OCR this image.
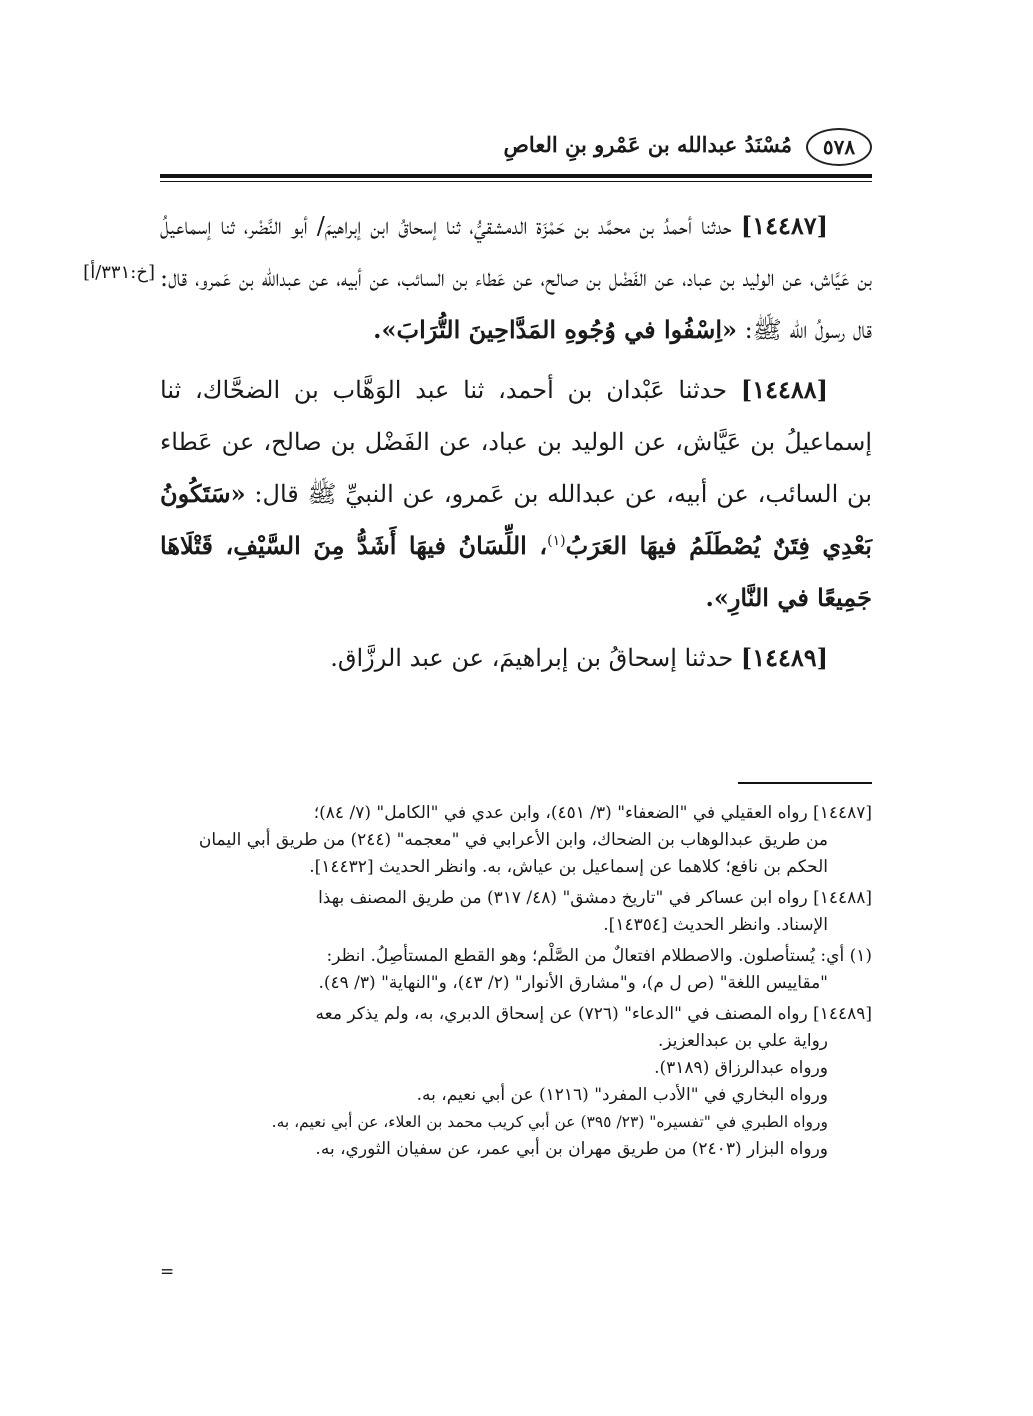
٥٧٨
مُسْنَدُ عبدالله بن عَمْرو بنِ العاصِ
[خ:٣٣١/أ]

[١٤٤٨٧] حدثنا أحمدُ بن محمَّد بن حَمْزَة الدمشقيُّ، ثنا إسحاقُ ابن إبراهيمَ/ أبو النَّضْر، ثنا إسماعيلُ بن عَيَّاش، عن الوليد بن عباد، عن الفَضْل بن صالح، عن عَطاء بن السائب، عن أبيه، عن عبدالله بن عَمرو، قال: قال رسولُ الله ﷺ: «اِسْفُوا في وُجُوهِ المَدَّاحِينَ التُّرَابَ».

[١٤٤٨٨] حدثنا عَبْدان بن أحمد، ثنا عبد الوَهَّاب بن الضحَّاك، ثنا إسماعيلُ بن عَيَّاش، عن الوليد بن عباد، عن الفَضْل بن صالح، عن عَطاء بن السائب، عن أبيه، عن عبدالله بن عَمرو، عن النبيِّ ﷺ قال: «سَتَكُونُ بَعْدِي فِتَنٌ يُصْطَلَمُ فيهَا العَرَبُ$^{(١)}$، اللِّسَانُ فيهَا أَشَدُّ مِنَ السَّيْفِ، قَتْلَاهَا جَمِيعًا في النَّارِ».

[١٤٤٨٩] حدثنا إسحاقُ بن إبراهيمَ، عن عبد الرزَّاق.

[١٤٤٨٧] رواه العقيلي في "الضعفاء" (٣/ ٤٥١)، وابن عدي في "الكامل" (٧/ ٨٤)؛

من طريق عبدالوهاب بن الضحاك، وابن الأعرابي في "معجمه" (٢٤٤) من طريق أبي اليمان الحكم بن نافع؛ كلاهما عن إسماعيل بن عياش، به. وانظر الحديث [١٤٤٣٢].

[١٤٤٨٨] رواه ابن عساكر في "تاريخ دمشق" (٤٨/ ٣١٧) من طريق المصنف بهذا

الإسناد. وانظر الحديث [١٤٣٥٤].

(١) أي: يُستأصلون. والاصطلام افتعالٌ من الصَّلْم؛ وهو القطع المستأصِلُ. انظر:

"مقاييس اللغة" (ص ل م)، و"مشارق الأنوار" (٢/ ٤٣)، و"النهاية" (٣/ ٤٩).

[١٤٤٨٩] رواه المصنف في "الدعاء" (٧٢٦) عن إسحاق الدبري، به، ولم يذكر معه

رواية علي بن عبدالعزيز.
ورواه عبدالرزاق (٣١٨٩).
ورواه البخاري في "الأدب المفرد" (١٢١٦) عن أبي نعيم، به.
ورواه الطبري في "تفسيره" (٢٣/ ٣٩٥) عن أبي كريب محمد بن العلاء، عن أبي نعيم، به.
ورواه البزار (٢٤٠٣) من طريق مهران بن أبي عمر، عن سفيان الثوري، به.

=
